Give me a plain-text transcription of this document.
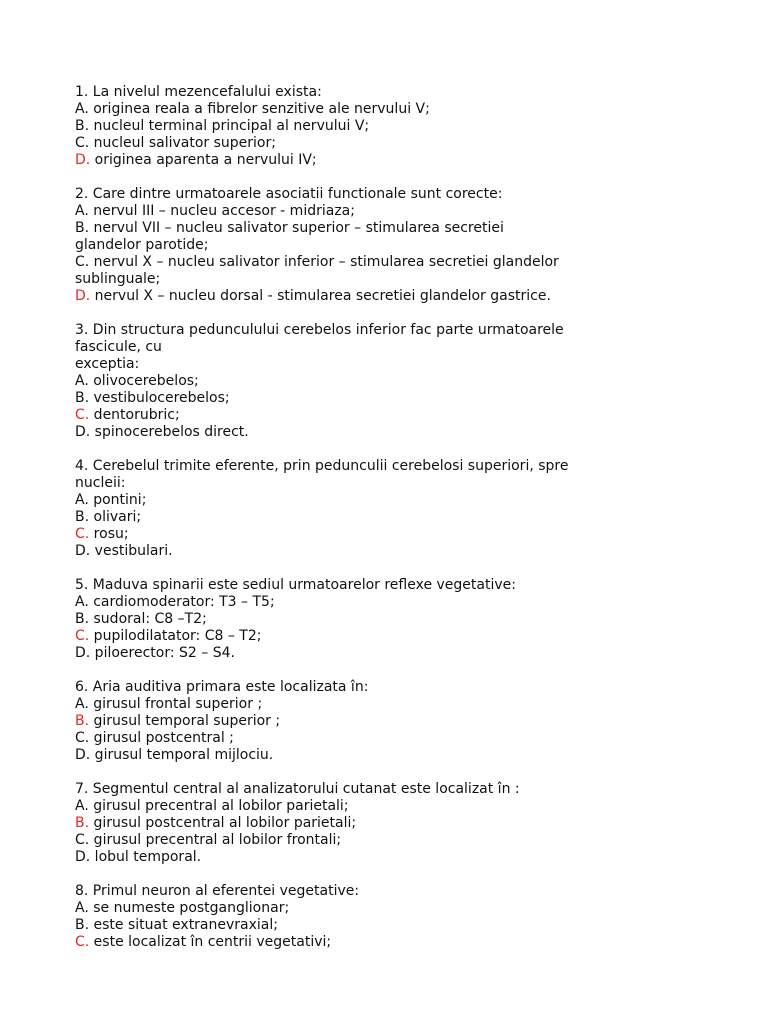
1. La nivelul mezencefalului exista:
A. originea reala a fibrelor senzitive ale nervului V;
B. nucleul terminal principal al nervului V;
C. nucleul salivator superior;
D. originea aparenta a nervului IV;
2. Care dintre urmatoarele asociatii functionale sunt corecte:
A. nervul III – nucleu accesor - midriaza;
B. nervul VII – nucleu salivator superior – stimularea secretiei
glandelor parotide;
C. nervul X – nucleu salivator inferior – stimularea secretiei glandelor
sublinguale;
D. nervul X – nucleu dorsal - stimularea secretiei glandelor gastrice.
3. Din structura pedunculului cerebelos inferior fac parte urmatoarele
fascicule, cu
exceptia:
A. olivocerebelos;
B. vestibulocerebelos;
C. dentorubric;
D. spinocerebelos direct.
4. Cerebelul trimite eferente, prin pedunculii cerebelosi superiori, spre
nucleii:
A. pontini;
B. olivari;
C. rosu;
D. vestibulari.
5. Maduva spinarii este sediul urmatoarelor reflexe vegetative:
A. cardiomoderator: T3 – T5;
B. sudoral: C8 –T2;
C. pupilodilatator: C8 – T2;
D. piloerector: S2 – S4.
6. Aria auditiva primara este localizata în:
A. girusul frontal superior ;
B. girusul temporal superior ;
C. girusul postcentral ;
D. girusul temporal mijlociu.
7. Segmentul central al analizatorului cutanat este localizat în :
A. girusul precentral al lobilor parietali;
B. girusul postcentral al lobilor parietali;
C. girusul precentral al lobilor frontali;
D. lobul temporal.
8. Primul neuron al eferentei vegetative:
A. se numeste postganglionar;
B. este situat extranevraxial;
C. este localizat în centrii vegetativi;
